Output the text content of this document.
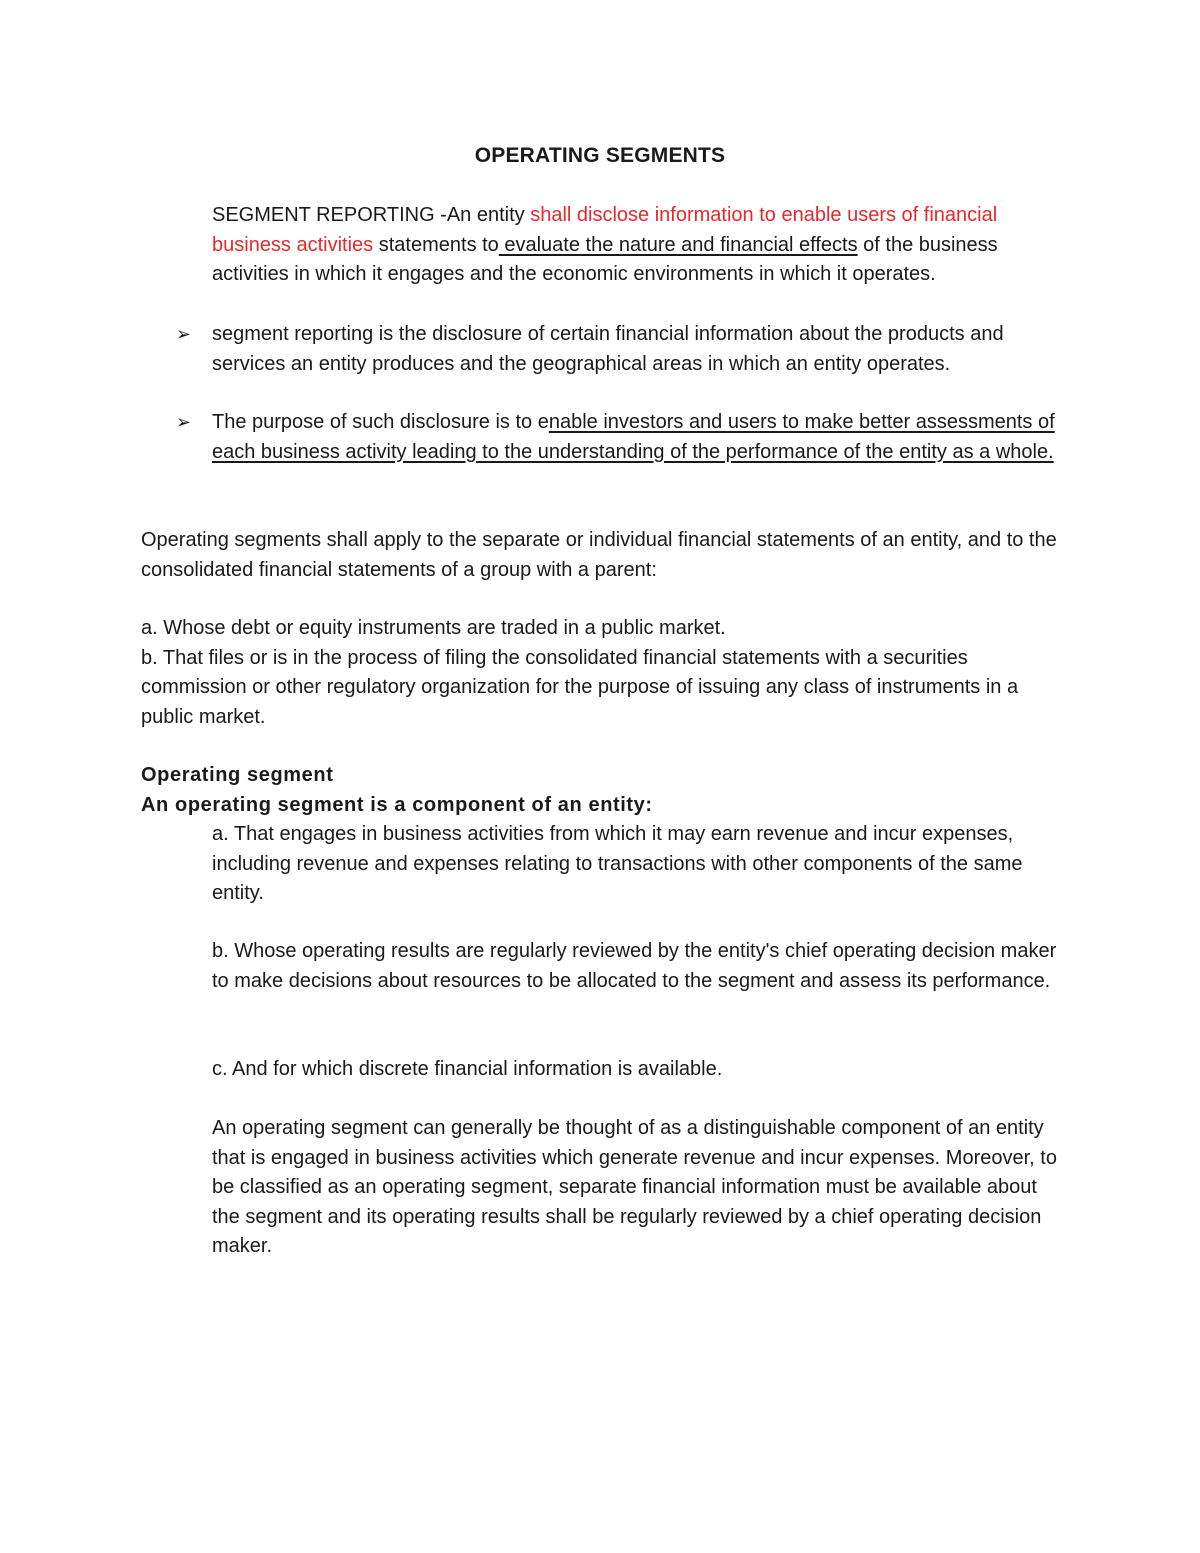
OPERATING SEGMENTS

SEGMENT REPORTING -An entity shall disclose information to enable users of financial business activities statements to evaluate the nature and financial effects of the business activities in which it engages and the economic environments in which it operates.

➢	segment reporting is the disclosure of certain financial information about the products and services an entity produces and the geographical areas in which an entity operates.

➢	The purpose of such disclosure is to enable investors and users to make better assessments of each business activity leading to the understanding of the performance of the entity as a whole.

Operating segments shall apply to the separate or individual financial statements of an entity, and to the consolidated financial statements of a group with a parent:

a. Whose debt or equity instruments are traded in a public market.

b. That files or is in the process of filing the consolidated financial statements with a securities commission or other regulatory organization for the purpose of issuing any class of instruments in a public market.

Operating segment
An operating segment is a component of an entity:

a. That engages in business activities from which it may earn revenue and incur expenses, including revenue and expenses relating to transactions with other components of the same entity.

b. Whose operating results are regularly reviewed by the entity's chief operating decision maker to make decisions about resources to be allocated to the segment and assess its performance.

c. And for which discrete financial information is available.

An operating segment can generally be thought of as a distinguishable component of an entity that is engaged in business activities which generate revenue and incur expenses. Moreover, to be classified as an operating segment, separate financial information must be available about the segment and its operating results shall be regularly reviewed by a chief operating decision maker.
